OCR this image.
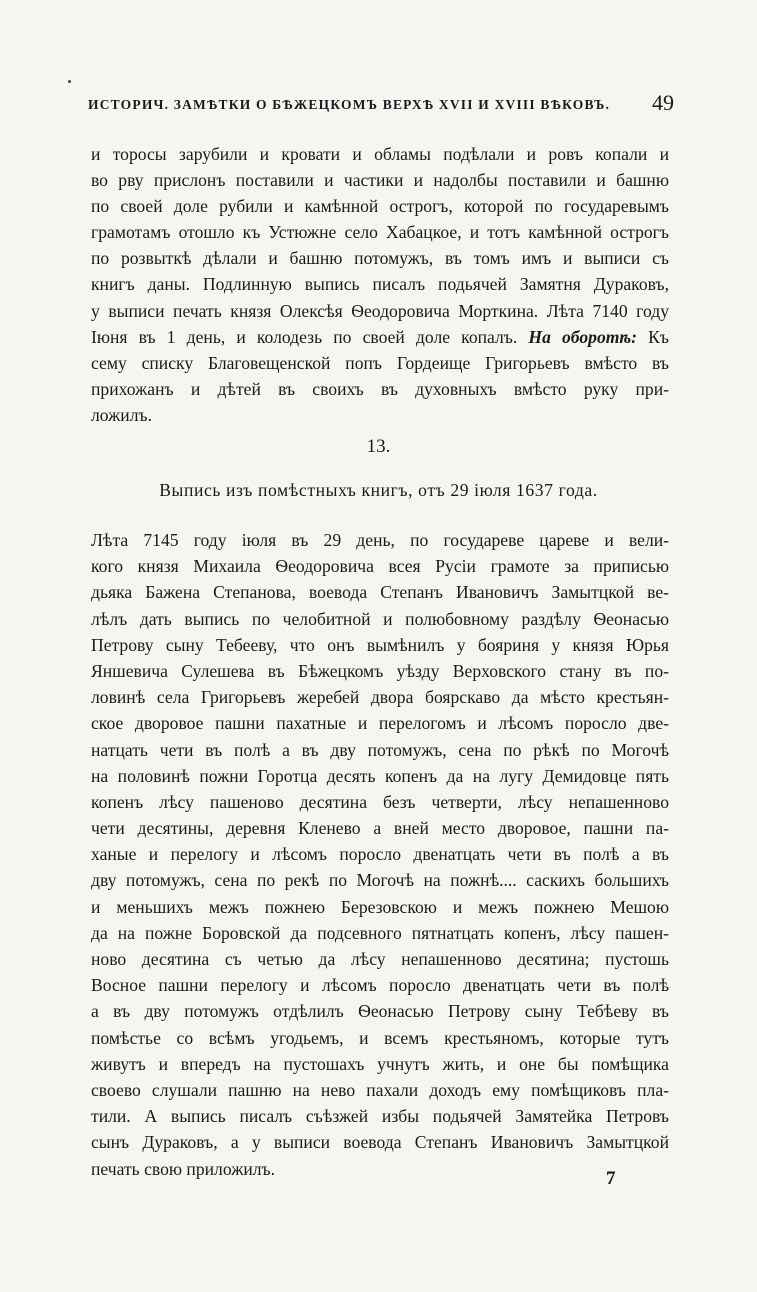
ИСТОРИЧ. ЗАМѢТКИ О БѢЖЕЦКОМЪ ВЕРХѢ XVII И XVIII ВѢКОВЪ. 49
и торосы зарубили и кровати и обламы подѣлали и ровъ копали и
во рву прислонъ поставили и частики и надолбы поставили и башню
по своей доле рубили и камѣнной острогъ, которой по государевымъ
грамотамъ отошло къ Устюжне село Хабацкое, и тотъ камѣнной острогъ
по розвыткѣ дѣлали и башню потомужъ, въ томъ имъ и выписи съ
книгъ даны. Подлинную выпись писалъ подьячей Замятня Дураковъ,
у выписи печать князя Олексѣя Ѳеодоровича Морткина. Лѣта 7140 году
Iюня въ 1 день, и колодезь по своей доле копалъ. На оборотѣ: Къ
сему списку Благовещенской попъ Гордеище Григорьевъ вмѣсто въ
прихожанъ и дѣтей въ своихъ въ духовныхъ вмѣсто руку при-
ложилъ.
13.
Выпись изъ помѣстныхъ книгъ, отъ 29 iюля 1637 года.
Лѣта 7145 году iюля въ 29 день, по государеве цареве и вели-
кого князя Михаила Ѳеодоровича всея Русiи грамоте за приписью
дьяка Бажена Степанова, воевода Степанъ Ивановичъ Замытцкой ве-
лѣлъ дать выпись по челобитной и полюбовному раздѣлу Ѳеонасью
Петрову сыну Тебееву, что онъ вымѣнилъ у бояриня у князя Юрья
Яншевича Сулешева въ Бѣжецкомъ уѣзду Верховского стану въ по-
ловинѣ села Григорьевъ жеребей двора боярскаво да мѣсто крестьян-
ское дворовое пашни пахатные и перелогомъ и лѣсомъ поросло две-
натцать чети въ полѣ а въ дву потомужъ, сена по рѣкѣ по Могочѣ
на половинѣ пожни Горотца десять копенъ да на лугу Демидовце пять
копенъ лѣсу пашеново десятина безъ четверти, лѣсу непашенново
чети десятины, деревня Кленево а вней место дворовое, пашни па-
ханые и перелогу и лѣсомъ поросло двенатцать чети въ полѣ а въ
дву потомужъ, сена по рекѣ по Могочѣ на пожнѣ.... саскихъ большихъ
и меньшихъ межъ пожнею Березовскою и межъ пожнею Мешою
да на пожне Боровской да подсевного пятнатцать копенъ, лѣсу пашен-
ново десятина съ четью да лѣсу непашенново десятина; пустошь
Восное пашни перелогу и лѣсомъ поросло двенатцать чети въ полѣ
а въ дву потомужъ отдѣлилъ Ѳеонасью Петрову сыну Тебѣеву въ
помѣстье со всѣмъ угодьемъ, и всемъ крестьяномъ, которые тутъ
живутъ и впередъ на пустошахъ учнутъ жить, и оне бы помѣщика
своево слушали пашню на нево пахали доходъ ему помѣщиковъ пла-
тили. А выпись писалъ съѣзжей избы подьячей Замятейка Петровъ
сынъ Дураковъ, а у выписи воевода Степанъ Ивановичъ Замытцкой
печать свою приложилъ.	7
